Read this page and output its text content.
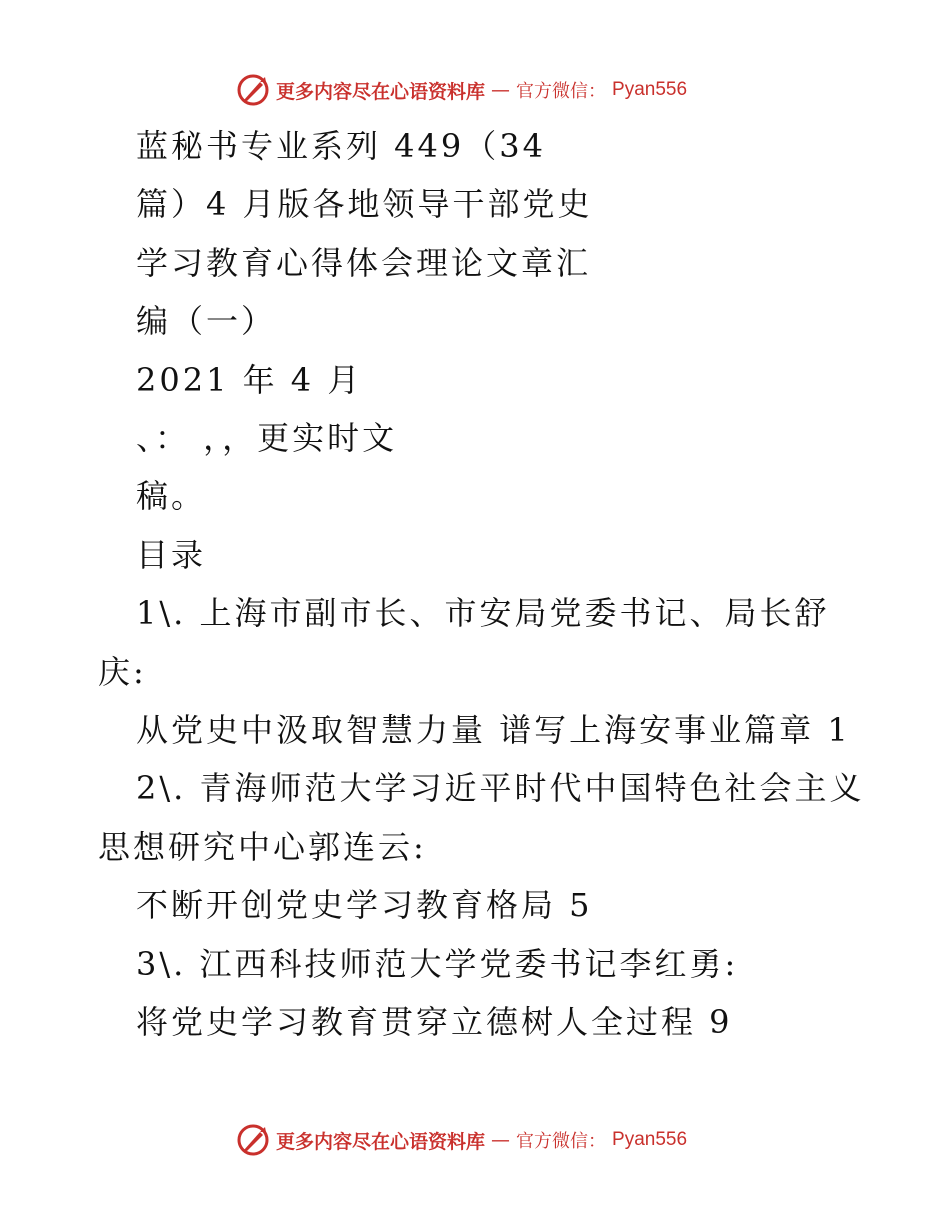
更多内容尽在心语资料库 — 官方微信： Pyan556
蓝秘书专业系列 449（34
篇）4 月版各地领导干部党史
学习教育心得体会理论文章汇
编（一）
2021 年 4 月
、： ，，更实时文
稿。
目录
1\. 上海市副市长、市安局党委书记、局长舒
庆:
从党史中汲取智慧力量 谱写上海安事业篇章 1
2\. 青海师范大学习近平时代中国特色社会主义
思想研究中心郭连云:
不断开创党史学习教育格局 5
3\. 江西科技师范大学党委书记李红勇:
将党史学习教育贯穿立德树人全过程 9
更多内容尽在心语资料库 — 官方微信： Pyan556
